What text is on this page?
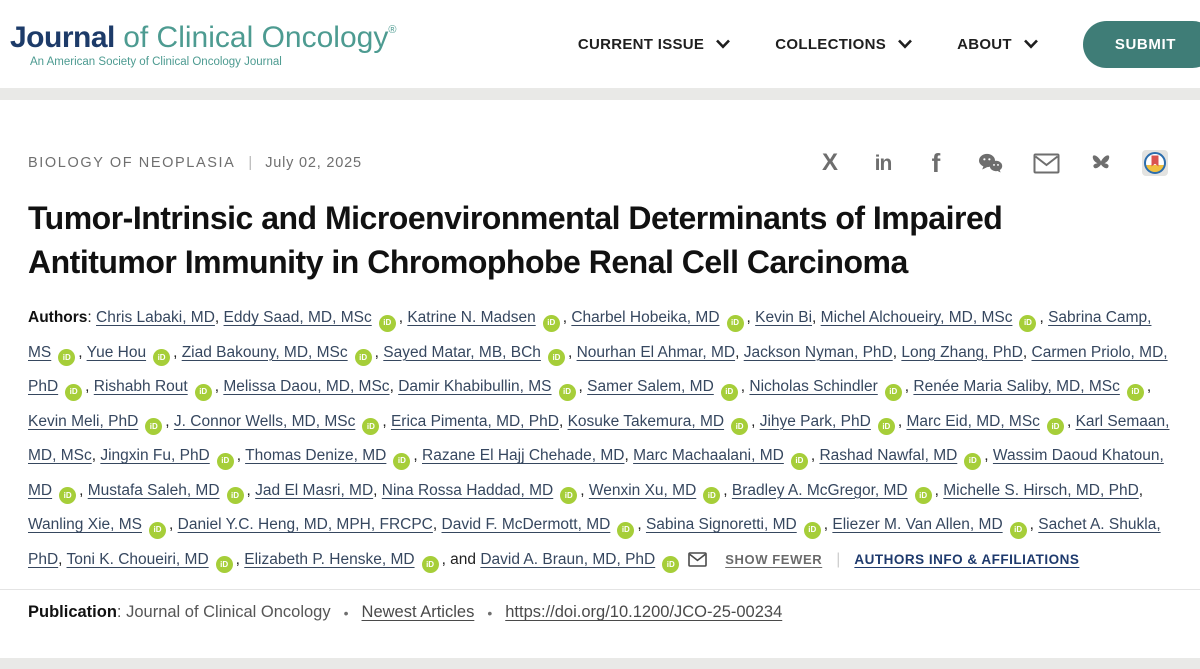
Journal of Clinical Oncology®
An American Society of Clinical Oncology Journal
CURRENT ISSUE	COLLECTIONS	ABOUT	SUBMIT
BIOLOGY OF NEOPLASIA | July 02, 2025	X in f
Tumor-Intrinsic and Microenvironmental Determinants of Impaired Antitumor Immunity in Chromophobe Renal Cell Carcinoma

Authors: Chris Labaki, MD, Eddy Saad, MD, MSc iD , Katrine N. Madsen iD , Charbel Hobeika, MD iD , Kevin Bi, Michel Alchoueiry, MD, MSc iD , Sabrina Camp, MS iD , Yue Hou iD , Ziad Bakouny, MD, MSc iD , Sayed Matar, MB, BCh iD , Nourhan El Ahmar, MD, Jackson Nyman, PhD, Long Zhang, PhD, Carmen Priolo, MD, PhD iD , Rishabh Rout iD , Melissa Daou, MD, MSc, Damir Khabibullin, MS iD , Samer Salem, MD iD , Nicholas Schindler iD , Renée Maria Saliby, MD, MSc iD , Kevin Meli, PhD iD , J. Connor Wells, MD, MSc iD , Erica Pimenta, MD, PhD, Kosuke Takemura, MD iD , Jihye Park, PhD iD , Marc Eid, MD, MSc iD , Karl Semaan, MD, MSc, Jingxin Fu, PhD iD , Thomas Denize, MD iD , Razane El Hajj Chehade, MD, Marc Machaalani, MD iD , Rashad Nawfal, MD iD , Wassim Daoud Khatoun, MD iD , Mustafa Saleh, MD iD , Jad El Masri, MD, Nina Rossa Haddad, MD iD , Wenxin Xu, MD iD , Bradley A. McGregor, MD iD , Michelle S. Hirsch, MD, PhD, Wanling Xie, MS iD , Daniel Y.C. Heng, MD, MPH, FRCPC, David F. McDermott, MD iD , Sabina Signoretti, MD iD , Eliezer M. Van Allen, MD iD , Sachet A. Shukla, PhD, Toni K. Choueiri, MD iD , Elizabeth P. Henske, MD iD , and David A. Braun, MD, PhD iD	SHOW FEWER | AUTHORS INFO & AFFILIATIONS

Publication: Journal of Clinical Oncology • Newest Articles • https://doi.org/10.1200/JCO-25-00234
